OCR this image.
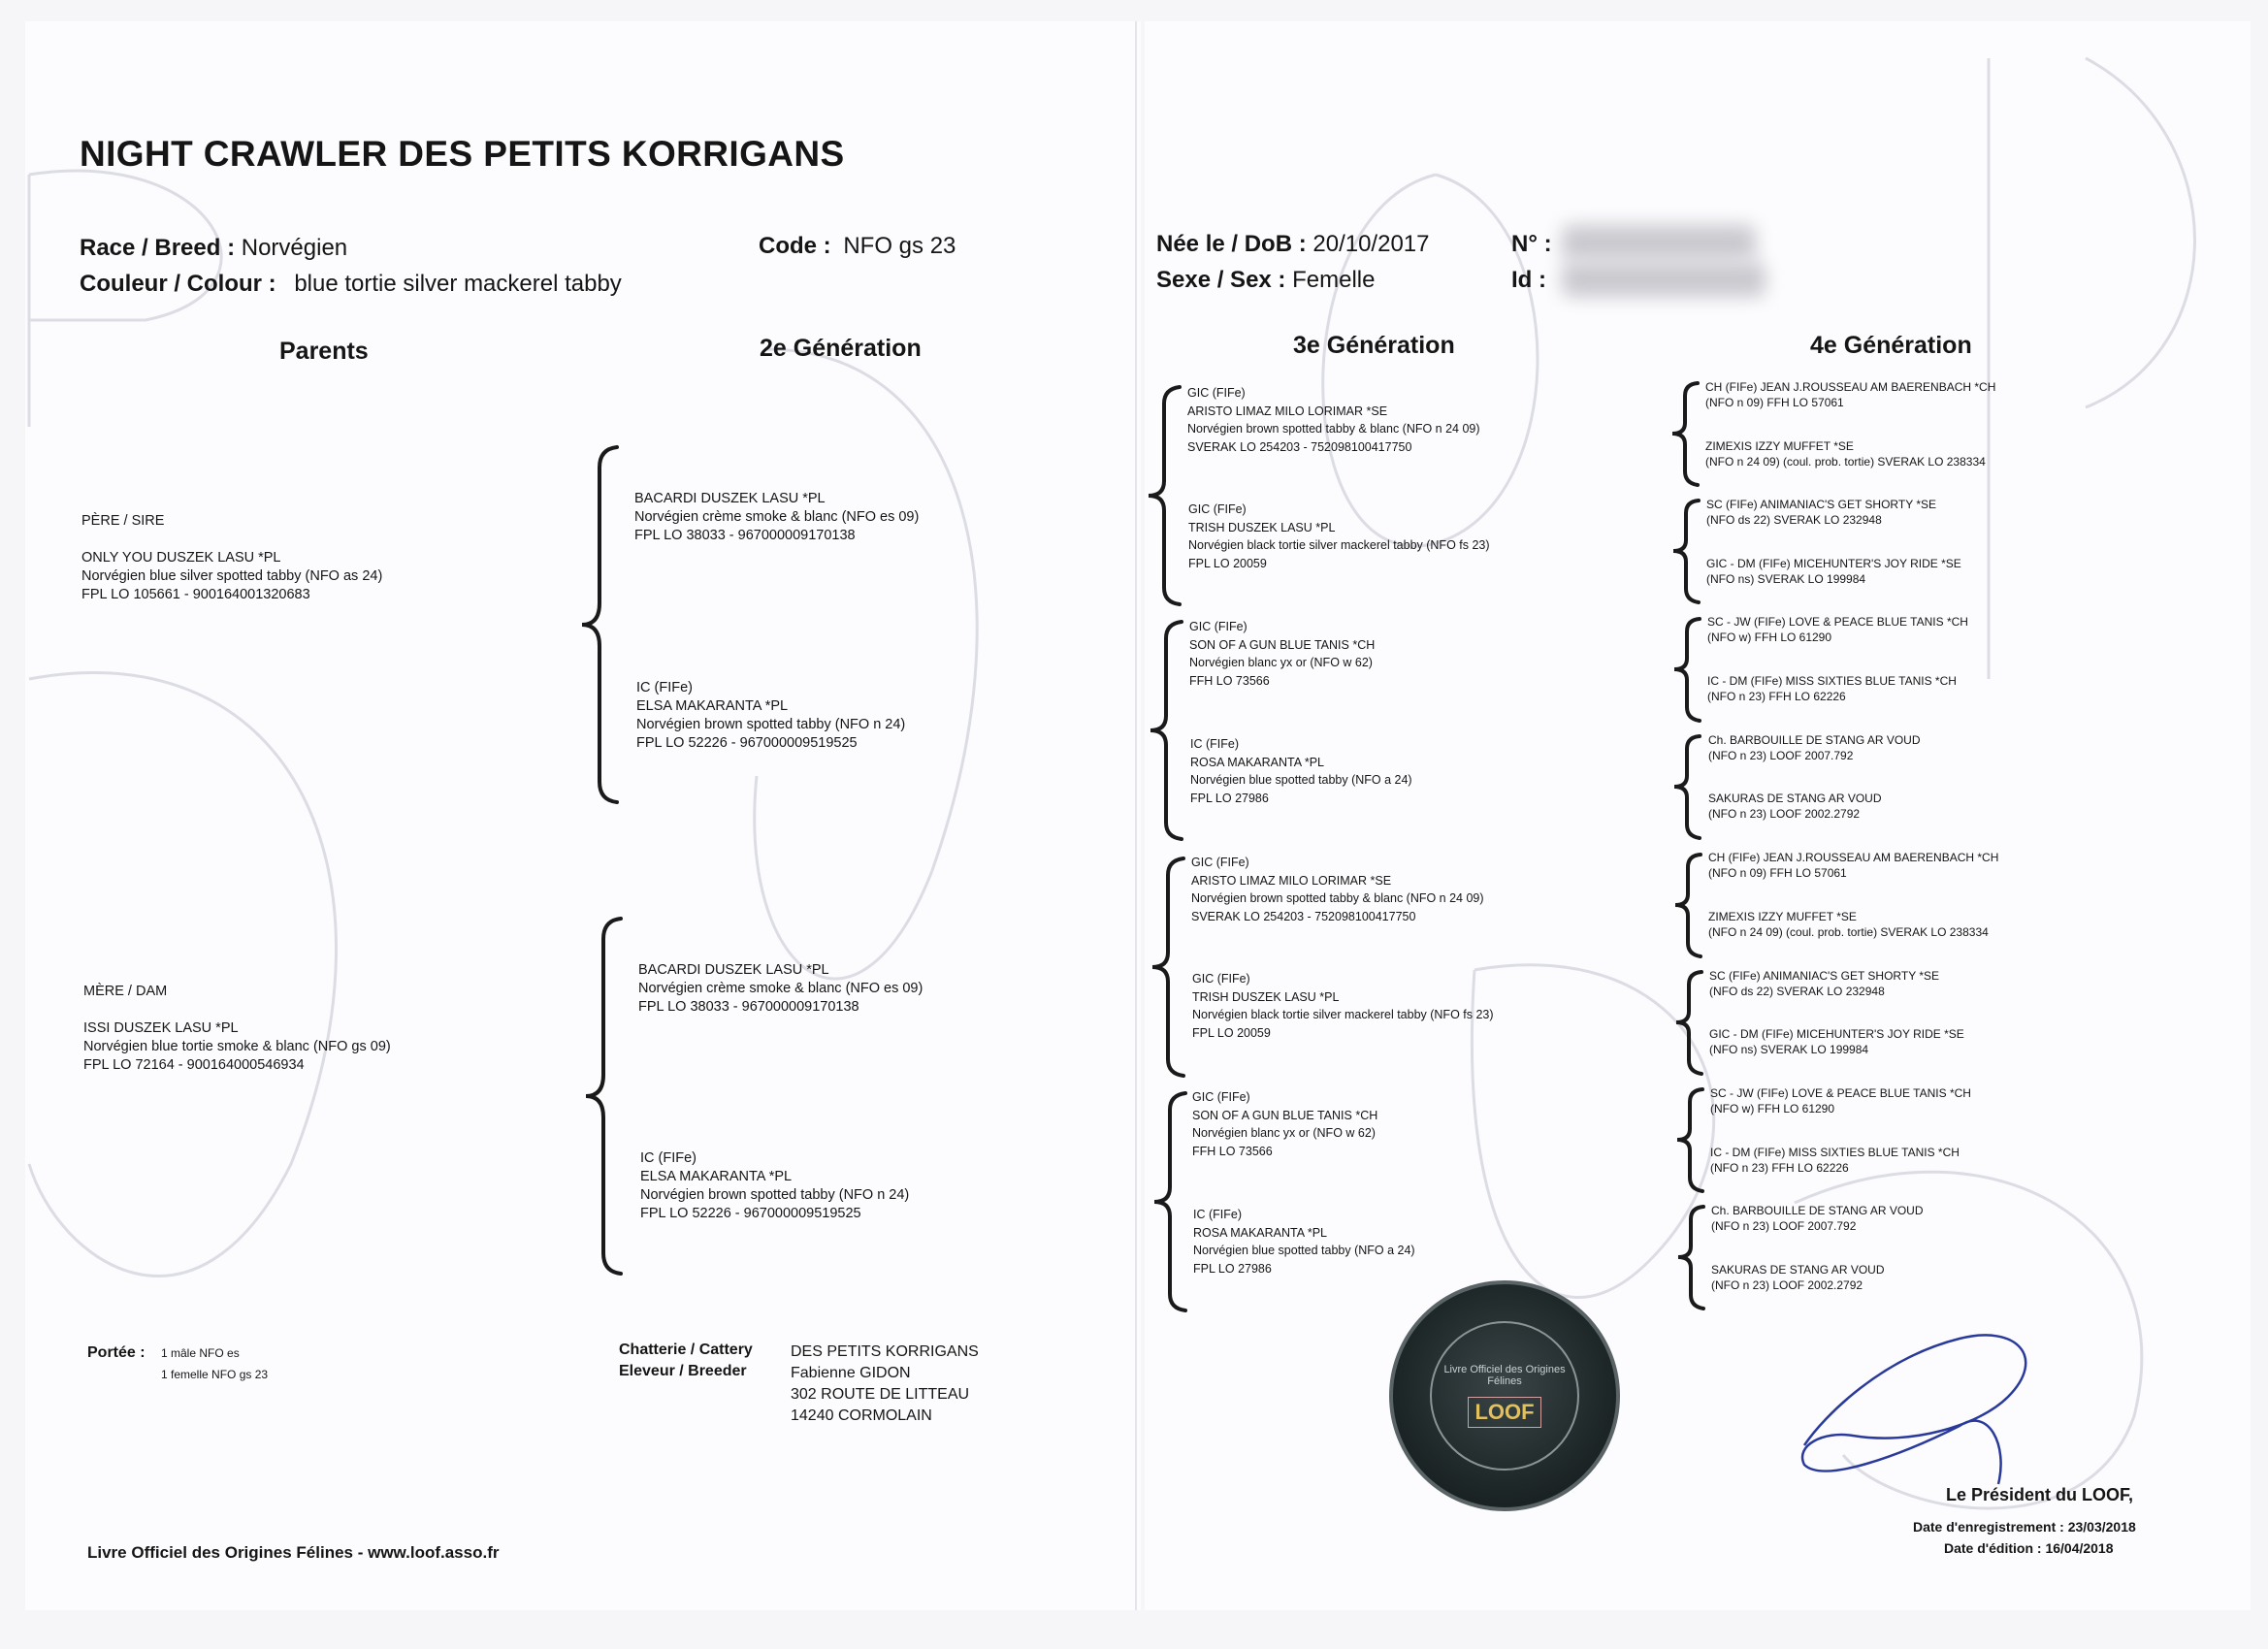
NIGHT CRAWLER DES PETITS KORRIGANS
Race / Breed : Norvégien
Couleur / Colour : blue tortie silver mackerel tabby
Code : NFO gs 23	Née le / DoB : 20/10/2017
Sexe / Sex : Femelle
N° :
Id :
Parents	2e Génération	3e Génération	4e Génération
PÈRE / SIRE
ONLY YOU DUSZEK LASU *PL
Norvégien blue silver spotted tabby (NFO as 24)
FPL LO 105661 - 900164001320683
MÈRE / DAM
ISSI DUSZEK LASU *PL
Norvégien blue tortie smoke & blanc (NFO gs 09)
FPL LO 72164 - 900164000546934
BACARDI DUSZEK LASU *PL
Norvégien crème smoke & blanc (NFO es 09)
FPL LO 38033 - 967000009170138
IC (FIFe)
ELSA MAKARANTA *PL
Norvégien brown spotted tabby (NFO n 24)
FPL LO 52226 - 967000009519525
BACARDI DUSZEK LASU *PL
Norvégien crème smoke & blanc (NFO es 09)
FPL LO 38033 - 967000009170138
IC (FIFe)
ELSA MAKARANTA *PL
Norvégien brown spotted tabby (NFO n 24)
FPL LO 52226 - 967000009519525
GIC (FIFe)
ARISTO LIMAZ MILO LORIMAR *SE
Norvégien brown spotted tabby & blanc (NFO n 24 09)
SVERAK LO 254203 - 752098100417750
GIC (FIFe)
TRISH DUSZEK LASU *PL
Norvégien black tortie silver mackerel tabby (NFO fs 23)
FPL LO 20059
GIC (FIFe)
SON OF A GUN BLUE TANIS *CH
Norvégien blanc yx or (NFO w 62)
FFH LO 73566
IC (FIFe)
ROSA MAKARANTA *PL
Norvégien blue spotted tabby (NFO a 24)
FPL LO 27986
GIC (FIFe)
ARISTO LIMAZ MILO LORIMAR *SE
Norvégien brown spotted tabby & blanc (NFO n 24 09)
SVERAK LO 254203 - 752098100417750
GIC (FIFe)
TRISH DUSZEK LASU *PL
Norvégien black tortie silver mackerel tabby (NFO fs 23)
FPL LO 20059
GIC (FIFe)
SON OF A GUN BLUE TANIS *CH
Norvégien blanc yx or (NFO w 62)
FFH LO 73566
IC (FIFe)
ROSA MAKARANTA *PL
Norvégien blue spotted tabby (NFO a 24)
FPL LO 27986
CH (FIFe) JEAN J.ROUSSEAU AM BAERENBACH *CH
(NFO n 09) FFH LO 57061
ZIMEXIS IZZY MUFFET *SE
(NFO n 24 09) (coul. prob. tortie) SVERAK LO 238334
SC (FIFe) ANIMANIAC'S GET SHORTY *SE
(NFO ds 22) SVERAK LO 232948
GIC - DM (FIFe) MICEHUNTER'S JOY RIDE *SE
(NFO ns) SVERAK LO 199984
SC - JW (FIFe) LOVE & PEACE BLUE TANIS *CH
(NFO w) FFH LO 61290
IC - DM (FIFe) MISS SIXTIES BLUE TANIS *CH
(NFO n 23) FFH LO 62226
Ch. BARBOUILLE DE STANG AR VOUD
(NFO n 23) LOOF 2007.792
SAKURAS DE STANG AR VOUD
(NFO n 23) LOOF 2002.2792
CH (FIFe) JEAN J.ROUSSEAU AM BAERENBACH *CH
(NFO n 09) FFH LO 57061
ZIMEXIS IZZY MUFFET *SE
(NFO n 24 09) (coul. prob. tortie) SVERAK LO 238334
SC (FIFe) ANIMANIAC'S GET SHORTY *SE
(NFO ds 22) SVERAK LO 232948
GIC - DM (FIFe) MICEHUNTER'S JOY RIDE *SE
(NFO ns) SVERAK LO 199984
SC - JW (FIFe) LOVE & PEACE BLUE TANIS *CH
(NFO w) FFH LO 61290
IC - DM (FIFe) MISS SIXTIES BLUE TANIS *CH
(NFO n 23) FFH LO 62226
Ch. BARBOUILLE DE STANG AR VOUD
(NFO n 23) LOOF 2007.792
SAKURAS DE STANG AR VOUD
(NFO n 23) LOOF 2002.2792
Portée : 1 mâle NFO es
1 femelle NFO gs 23
Chatterie / Cattery
Eleveur / Breeder
DES PETITS KORRIGANS
Fabienne GIDON
302 ROUTE DE LITTEAU
14240 CORMOLAIN
Livre Officiel des Origines Félines
LOOF
Livre Officiel des Origines Félines - www.loof.asso.fr
Le Président du LOOF,
Date d'enregistrement : 23/03/2018
Date d'édition : 16/04/2018
